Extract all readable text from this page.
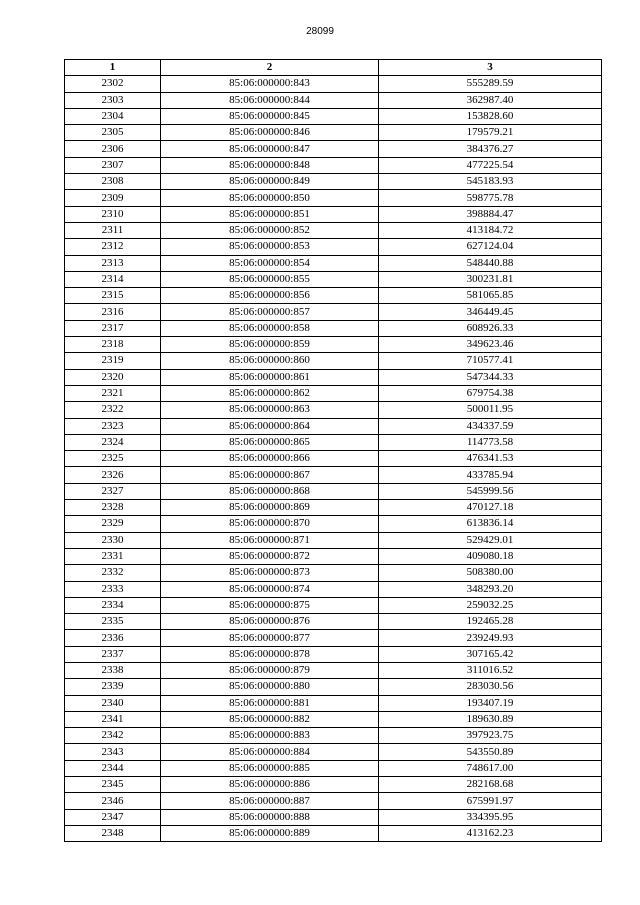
28099
1	2	3
2302	85:06:000000:843	555289.59
2303	85:06:000000:844	362987.40
2304	85:06:000000:845	153828.60
2305	85:06:000000:846	179579.21
2306	85:06:000000:847	384376.27
2307	85:06:000000:848	477225.54
2308	85:06:000000:849	545183.93
2309	85:06:000000:850	598775.78
2310	85:06:000000:851	398884.47
2311	85:06:000000:852	413184.72
2312	85:06:000000:853	627124.04
2313	85:06:000000:854	548440.88
2314	85:06:000000:855	300231.81
2315	85:06:000000:856	581065.85
2316	85:06:000000:857	346449.45
2317	85:06:000000:858	608926.33
2318	85:06:000000:859	349623.46
2319	85:06:000000:860	710577.41
2320	85:06:000000:861	547344.33
2321	85:06:000000:862	679754.38
2322	85:06:000000:863	500011.95
2323	85:06:000000:864	434337.59
2324	85:06:000000:865	114773.58
2325	85:06:000000:866	476341.53
2326	85:06:000000:867	433785.94
2327	85:06:000000:868	545999.56
2328	85:06:000000:869	470127.18
2329	85:06:000000:870	613836.14
2330	85:06:000000:871	529429.01
2331	85:06:000000:872	409080.18
2332	85:06:000000:873	508380.00
2333	85:06:000000:874	348293.20
2334	85:06:000000:875	259032.25
2335	85:06:000000:876	192465.28
2336	85:06:000000:877	239249.93
2337	85:06:000000:878	307165.42
2338	85:06:000000:879	311016.52
2339	85:06:000000:880	283030.56
2340	85:06:000000:881	193407.19
2341	85:06:000000:882	189630.89
2342	85:06:000000:883	397923.75
2343	85:06:000000:884	543550.89
2344	85:06:000000:885	748617.00
2345	85:06:000000:886	282168.68
2346	85:06:000000:887	675991.97
2347	85:06:000000:888	334395.95
2348	85:06:000000:889	413162.23
